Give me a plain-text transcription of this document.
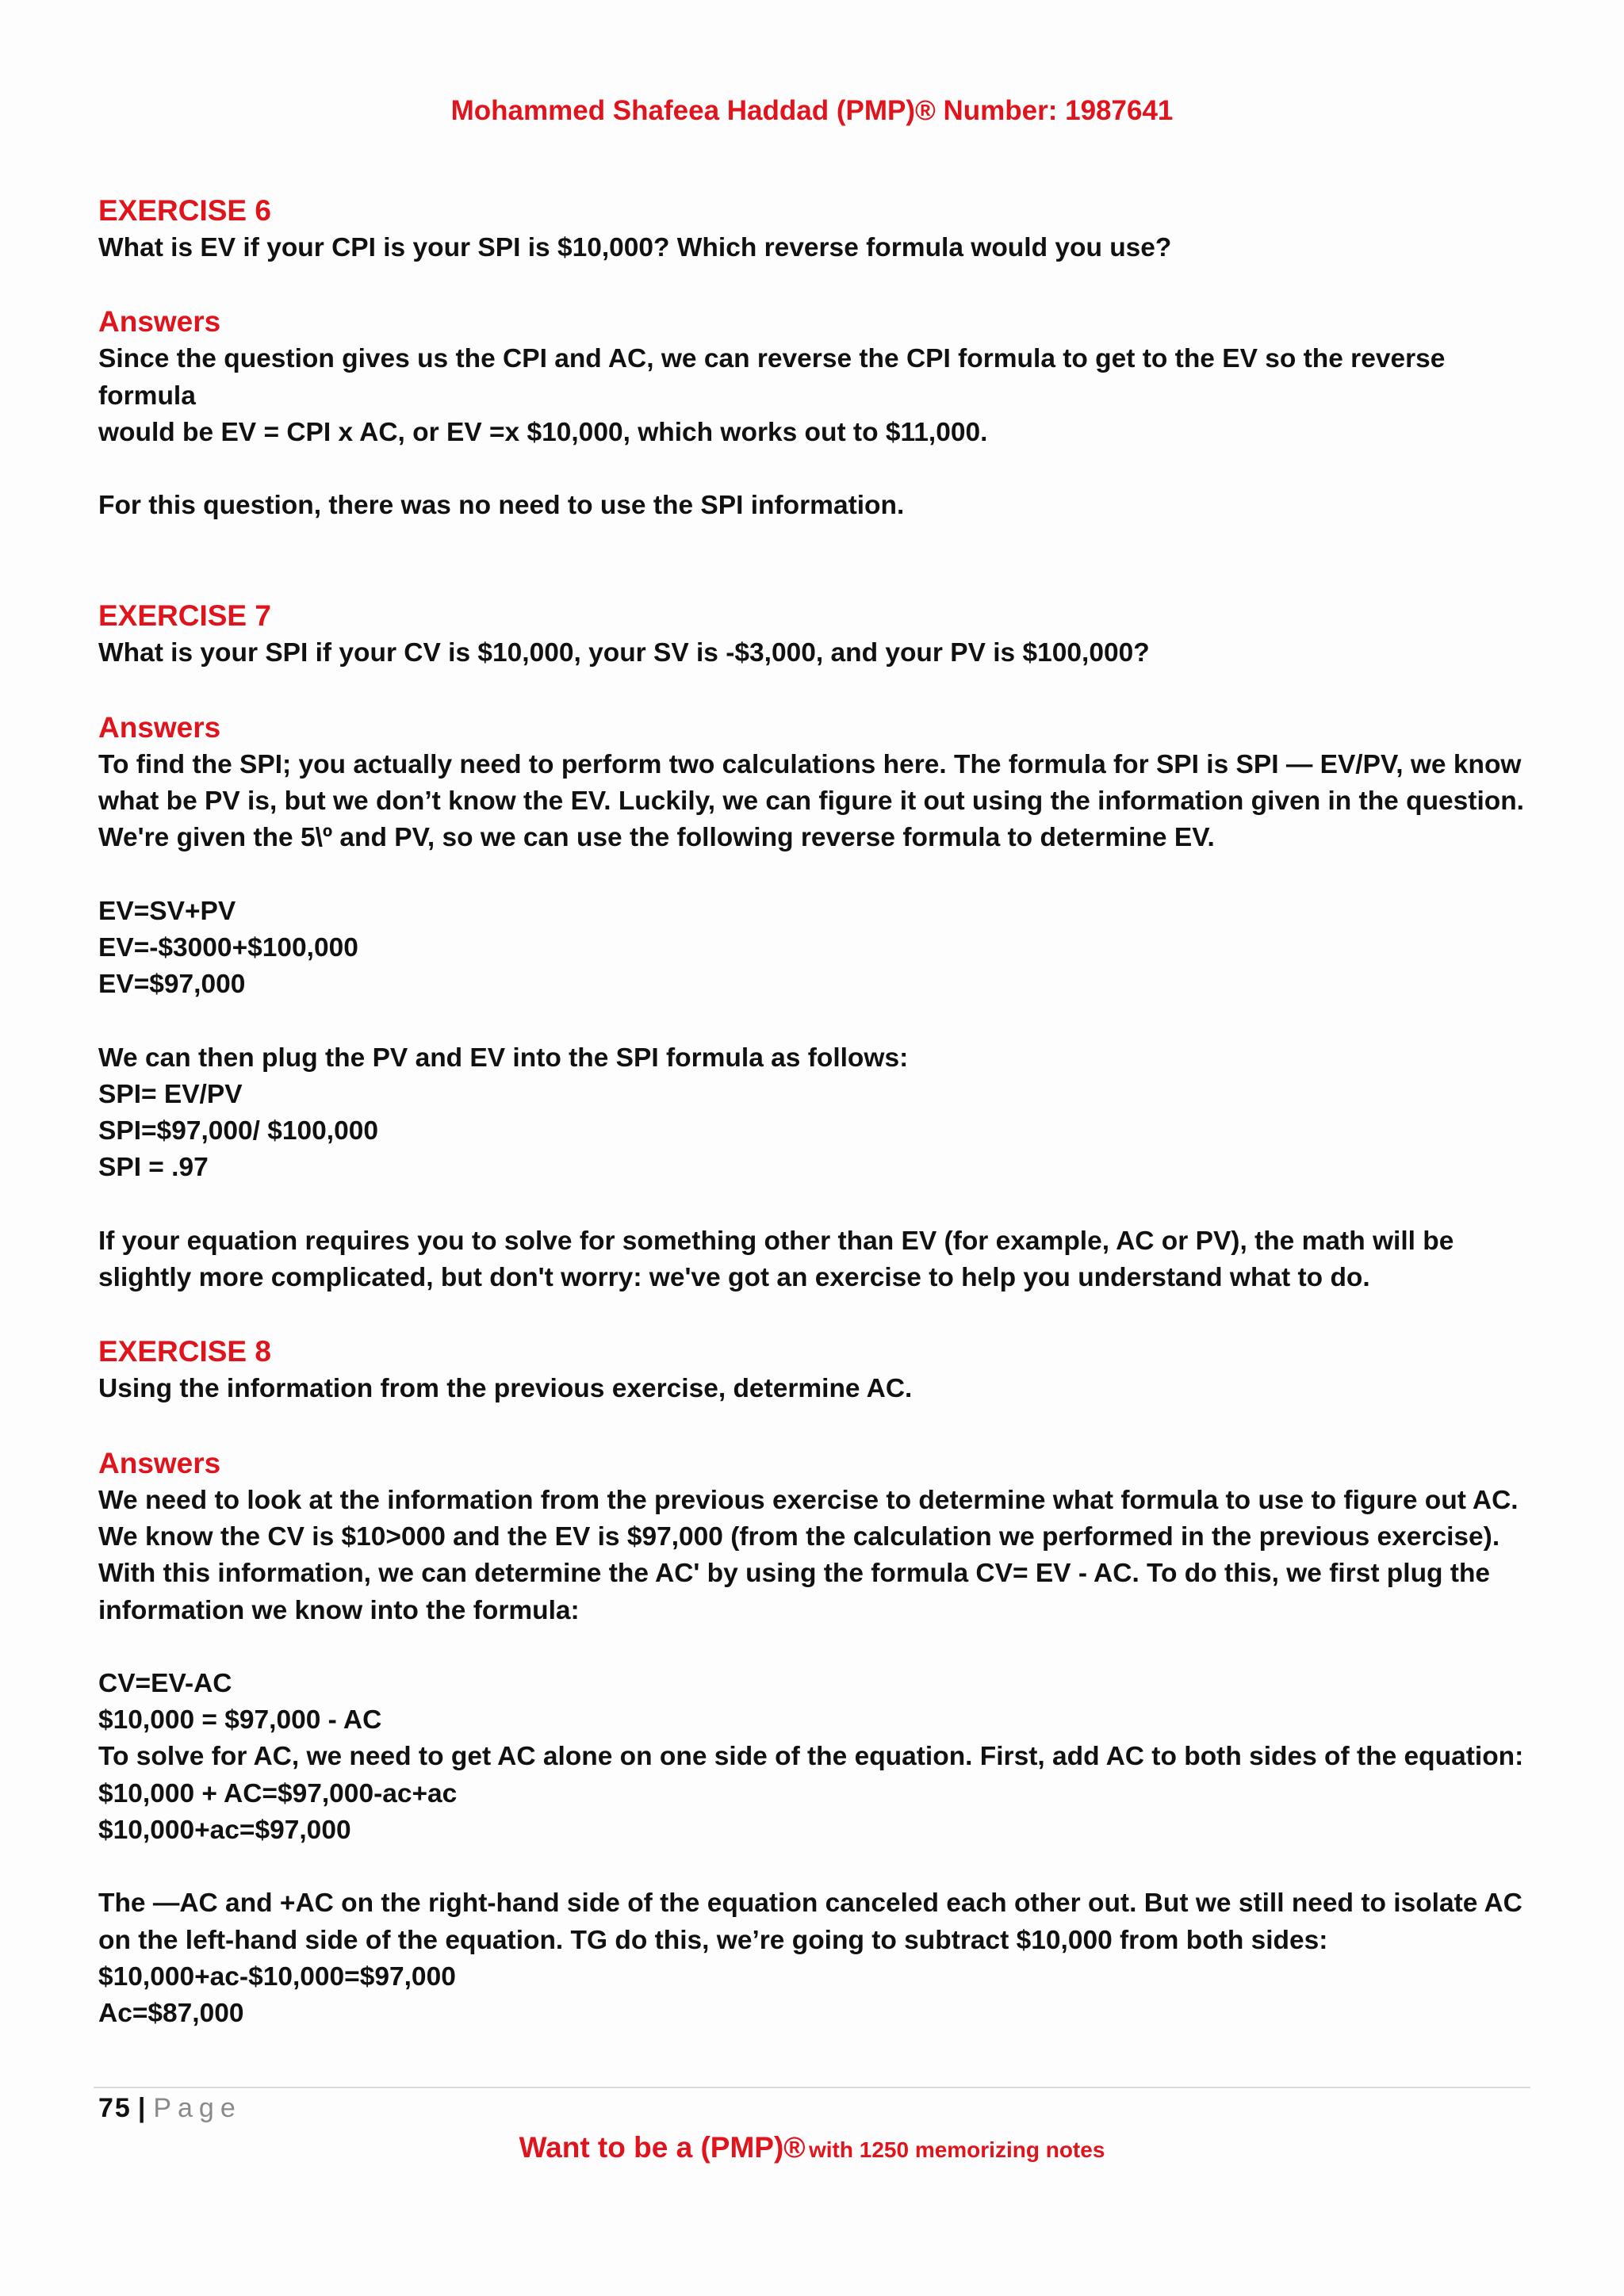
Mohammed Shafeea Haddad (PMP)® Number: 1987641

EXERCISE 6

What is EV if your CPI is your SPI is $10,000? Which reverse formula would you use?

Answers

Since the question gives us the CPI and AC, we can reverse the CPI formula to get to the EV so the reverse formula

would be EV = CPI x AC, or EV =x $10,000, which works out to $11,000.

For this question, there was no need to use the SPI information.

EXERCISE 7

What is your SPI if your CV is $10,000, your SV is -$3,000, and your PV is $100,000?

Answers

To find the SPI; you actually need to perform two calculations here. The formula for SPI is SPI — EV/PV, we know

what be PV is, but we don’t know the EV. Luckily, we can figure it out using the information given in the question.

We're given the 5\º and PV, so we can use the following reverse formula to determine EV.

EV=SV+PV

EV=-$3000+$100,000

EV=$97,000

We can then plug the PV and EV into the SPI formula as follows:

SPI= EV/PV

SPI=$97,000/ $100,000

SPI = .97

If your equation requires you to solve for something other than EV (for example, AC or PV), the math will be

slightly more complicated, but don't worry: we've got an exercise to help you understand what to do.

EXERCISE 8

Using the information from the previous exercise, determine AC.

Answers

We need to look at the information from the previous exercise to determine what formula to use to figure out AC.

We know the CV is $10>000 and the EV is $97,000 (from the calculation we performed in the previous exercise).

With this information, we can determine the AC' by using the formula CV= EV - AC. To do this, we first plug the

information we know into the formula:

CV=EV-AC

$10,000 = $97,000 - AC

To solve for AC, we need to get AC alone on one side of the equation. First, add AC to both sides of the equation:

$10,000 + AC=$97,000-ac+ac

$10,000+ac=$97,000

The —AC and +AC on the right-hand side of the equation canceled each other out. But we still need to isolate AC

on the left-hand side of the equation. TG do this, we’re going to subtract $10,000 from both sides:

$10,000+ac-$10,000=$97,000

Ac=$87,000

75 | Page
Want to be a (PMP)® with 1250 memorizing notes
